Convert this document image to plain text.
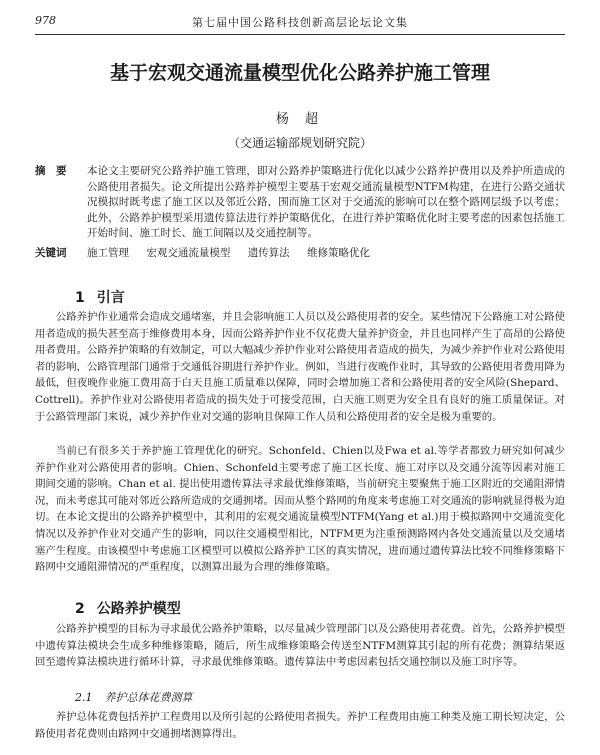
978	第七届中国公路科技创新高层论坛论文集
基于宏观交通流量模型优化公路养护施工管理
杨 超
（交通运输部规划研究院）
摘　要 本论文主要研究公路养护施工管理，即对公路养护策略进行优化以减少公路养护费用以及养护所造成的公路使用者损失。论文所提出公路养护模型主要基于宏观交通流量模型NTFM构建，在进行公路交通状况模拟时既考虑了施工区以及邻近公路，围而施工区对于交通流的影响可以在整个路网层级予以考虑；此外，公路养护模型采用遗传算法进行养护策略优化，在进行养护策略优化时主要考虑的因素包括施工开始时间、施工时长、施工间隔以及交通控制等。
关键词 施工管理 宏观交通流量模型 遗传算法 维修策略优化
1 引言
公路养护作业通常会造成交通堵塞，并且会影响施工人员以及公路使用者的安全。某些情况下公路施工对公路使用者造成的损失甚至高于维修费用本身，因而公路养护作业不仅花费大量养护资金，并且也同样产生了高昂的公路使用者费用。公路养护策略的有效制定，可以大幅减少养护作业对公路使用者造成的损失，为减少养护作业对公路使用者的影响，公路管理部门通常于交通低谷期进行养护作业。例如，当进行夜晚作业时，其导致的公路使用者费用降为最低，但夜晚作业施工费用高于白天且施工质量难以保障，同时会增加施工者和公路使用者的安全风险(Shepard、Cottrell)。养护作业对公路使用者造成的损失处于可接受范围，白天施工则更为安全且有良好的施工质量保证。对于公路管理部门来说，减少养护作业对交通的影响且保障工作人员和公路使用者的安全是极为重要的。
当前已有很多关于养护施工管理优化的研究。Schonfeld、Chien以及Fwa et al.等学者都致力研究如何减少养护作业对公路使用者的影响。Chien、Schonfeld主要考虑了施工区长度、施工对序以及交通分流等因素对施工期间交通的影响。Chan et al. 提出使用遗传算法寻求最优维修策略，当前研究主要聚焦于施工区附近的交通阻滞情况，而未考虑其可能对邻近公路所造成的交通拥堵。因而从整个路网的角度来考虑施工对交通流的影响就显得极为迫切。在本论文提出的公路养护模型中，其利用的宏观交通流量模型NTFM(Yang et al.)用于模拟路网中交通流变化情况以及养护作业对交通产生的影响，同以往交通模型相比，NTFM更为注重预测路网内各处交通流量以及交通堵塞产生程度。由该模型中考虑施工区模型可以模拟公路养护工区的真实情况，进而通过遗传算法比较不同维修策略下路网中交通阻滞情况的严重程度，以测算出最为合理的维修策略。
2 公路养护模型
公路养护模型的目标为寻求最优公路养护策略，以尽量减少管理部门以及公路使用者花费。首先，公路养护模型中遗传算法模块会生成多种维修策略，随后，所生成维修策略会传送至NTFM测算其引起的所有花费；测算结果返回至遗传算法模块进行循环计算，寻求最优维修策略。遗传算法中考虑因素包括交通控制以及施工时序等。
2.1 养护总体花费测算
养护总体花费包括养护工程费用以及所引起的公路使用者损失。养护工程费用由施工种类及施工期长短决定，公路使用者花费则由路网中交通拥堵测算得出。
